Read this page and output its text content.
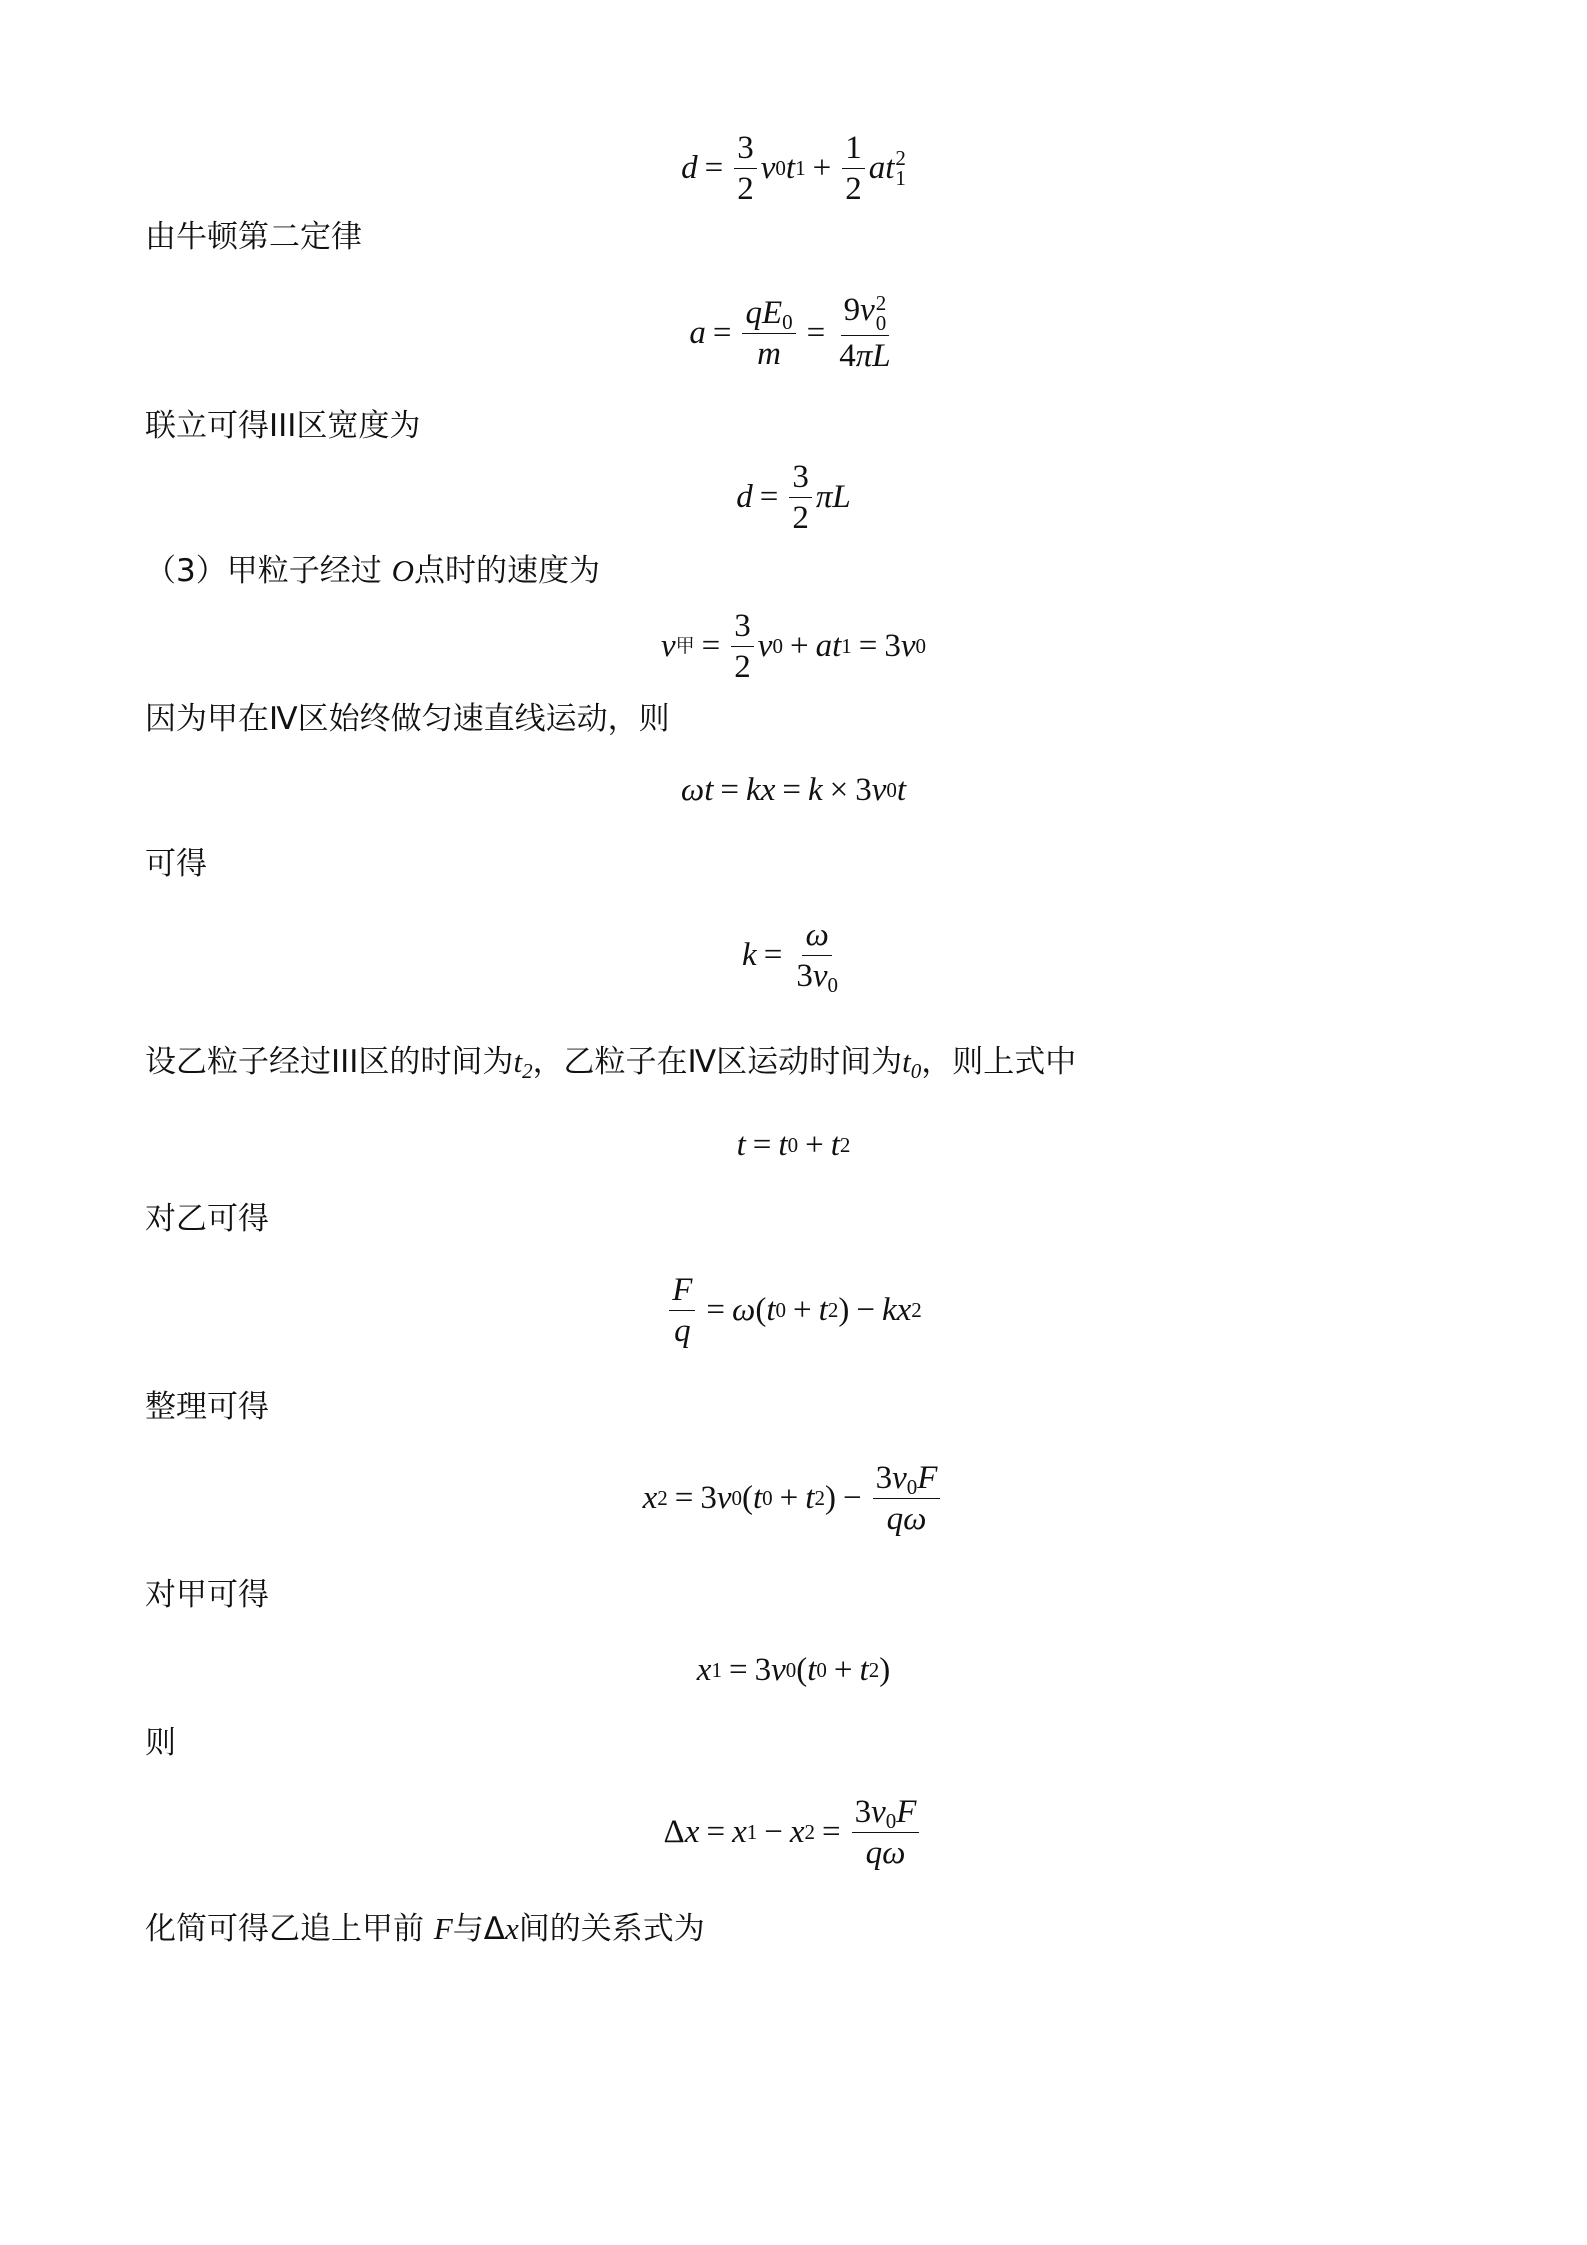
$d = \frac{3}{2}$ v 0 t $1 + \frac{1}{2}$ a t 2
1
由牛顿第二定律
$a = \frac{qE_0}{m} = 9v$ 2
0
4πL
联立可得III区宽度为
$d = \frac{3}{2}$ π L
（3）甲粒子经过 O点时的速度为
v 甲 = $\frac{3}{2}$ v 0 + a t 1 = 3 v 0
因为甲在Ⅳ区始终做匀速直线运动，则
ω t = k x = k × 3 v 0 t
可得
$k = \frac{\omega}{3v_0}$
设乙粒子经过III区的时间为$t_2$，乙粒子在Ⅳ区运动时间为$t_0$，则上式中
t = t 0 + t 2
对乙可得
$\frac{F}{q} = \omega$ ( t 0 + t 2 ) − k x 2
整理可得
x 2 = 3 v 0 ( t 0 + t 2 ) − $\frac{3v_0F}{q\omega}$
对甲可得
x 1 = 3 v 0 ( t 0 + t 2 )
则
Δ x = x 1 − x $2 = \frac{3v_0F}{q\omega}$
化简可得乙追上甲前 F与Δx间的关系式为
